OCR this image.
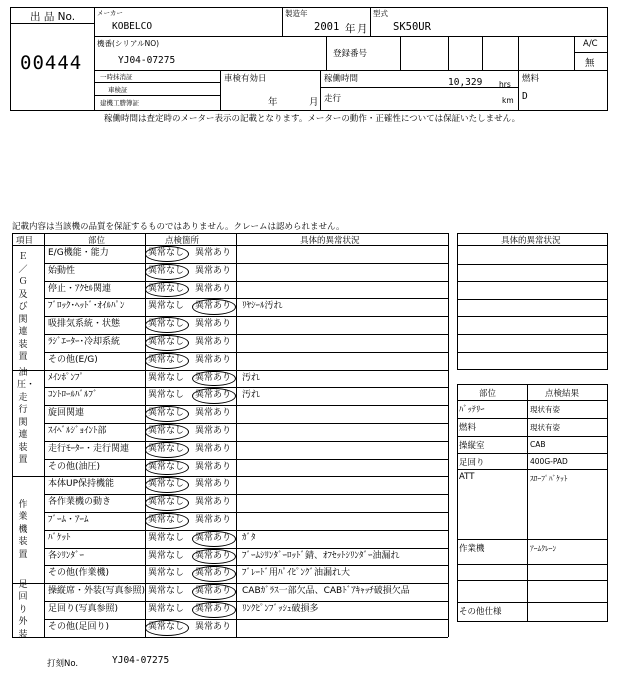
出 品 No.
00444
メーカー
KOBELCO
製造年
2001 年 月
型式
SK50UR
機番(シリアルNO)
YJ04-07275
登録番号
A/C
無
一時抹消証
車検証
建機工謄簿証
車検有効日
年	月
稼働時間	10,329 hrs
走行	km
燃料
D
稼働時間は査定時のメーター表示の記載となります。メーターの動作・正確性については保証いたしません。
記載内容は当該機の品質を保証するものではありません。クレームは認められません。
項目	部位	点検箇所	具体的異常状況
E/G機能・能力	異常なし 異常あり
始動性	異常なし 異常あり
停止・ｱｸｾﾙ関連	異常なし 異常あり
ﾌﾞﾛｯｸ･ﾍｯﾄﾞ･ｵｲﾙﾊﾟﾝ	異常なし 異常あり ﾘﾔｼｰﾙ汚れ
吸排気系統・状態	異常なし 異常あり
ﾗｼﾞｴｰﾀｰ･冷却系統	異常なし 異常あり
その他(E/G)	異常なし 異常あり
Ｅ／Ｇ及び関連装置
ﾒｲﾝﾎﾟﾝﾌﾟ	異常なし 異常あり 汚れ
ｺﾝﾄﾛｰﾙﾊﾞﾙﾌﾞ	異常なし 異常あり 汚れ
旋回関連	異常なし 異常あり
ｽｲﾍﾞﾙｼﾞｮｲﾝﾄ部	異常なし 異常あり
走行ﾓｰﾀｰ・走行関連 異常なし 異常あり
その他(油圧)	異常なし 異常あり
油圧・走行関連装置
本体UP保持機能	異常なし 異常あり
各作業機の動き	異常なし 異常あり
ﾌﾞｰﾑ・ｱｰﾑ	異常なし 異常あり
ﾊﾞｹｯﾄ	異常なし 異常あり ｶﾞﾀ
各ｼﾘﾝﾀﾞｰ	異常なし 異常あり ﾌﾞｰﾑｼﾘﾝﾀﾞｰﾛｯﾄﾞ錆、ｵﾌｾｯﾄｼﾘﾝﾀﾞｰ油漏れ
その他(作業機)	異常なし 異常あり ﾌﾞﾚｰﾄﾞ用ﾊﾟｲﾋﾟﾝｸﾞ油漏れ大
作業機装置
操縦席・外装(写真参照) 異常なし 異常あり CABｶﾞﾗｽ一部欠品、CABﾄﾞｱｷｬｯﾁ破損欠品
足回り(写真参照)	異常なし 異常あり ﾘﾝｸﾋﾟﾝﾌﾞｯｼｭ破損多
その他(足回り)	異常なし 異常あり
足回り外装
具体的異常状況
部位	点検結果
ﾊﾞｯﾃﾘｰ	現状有姿
燃料	現状有姿
操縦室	CAB
足回り	400G-PAD
ATT	ｽﾛｰﾌﾟﾊﾞｹｯﾄ
作業機	ｱｰﾑｸﾚｰﾝ
その他仕様
打刻No.	YJ04-07275
